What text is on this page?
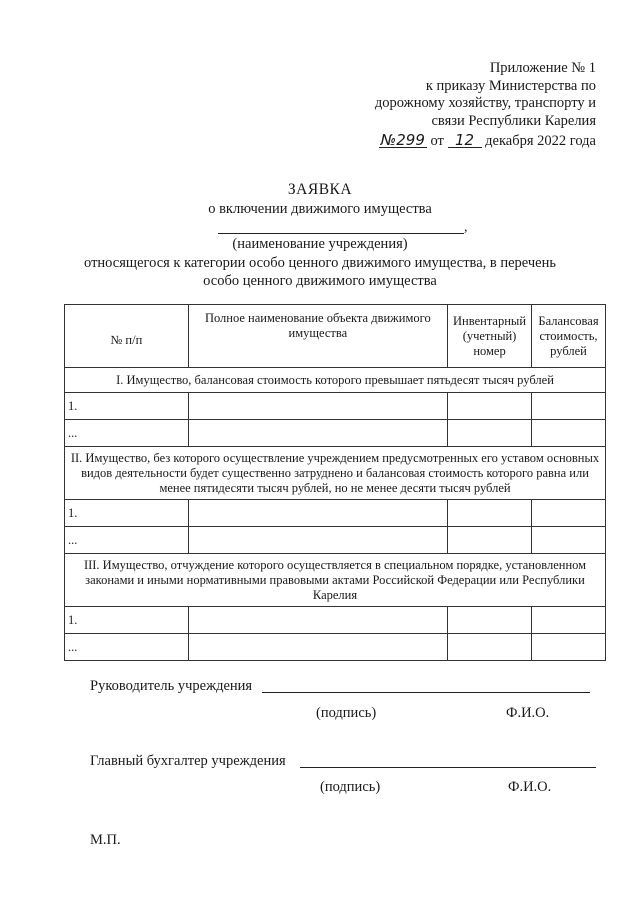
Приложение № 1
к приказу Министерства по
дорожному хозяйству, транспорту и
связи Республики Карелия
№299 от 12 декабря 2022 года
ЗАЯВКА
о включении движимого имущества
,
(наименование учреждения)
относящегося к категории особо ценного движимого имущества, в перечень
особо ценного движимого имущества
№ п/п	Полное наименование объекта движимого имущества	Инвентарный (учетный) номер	Балансовая стоимость, рублей
I. Имущество, балансовая стоимость которого превышает пятьдесят тысяч рублей			
1.			
...			
II. Имущество, без которого осуществление учреждением предусмотренных его уставом основных видов деятельности будет существенно затруднено и балансовая стоимость которого равна или менее пятидесяти тысяч рублей, но не менее десяти тысяч рублей			
1.			
...			
III. Имущество, отчуждение которого осуществляется в специальном порядке, установленном законами и иными нормативными правовыми актами Российской Федерации или Республики Карелия			
1.			
...			
Руководитель учреждения
(подпись)	Ф.И.О.
Главный бухгалтер учреждения
(подпись)	Ф.И.О.
М.П.
